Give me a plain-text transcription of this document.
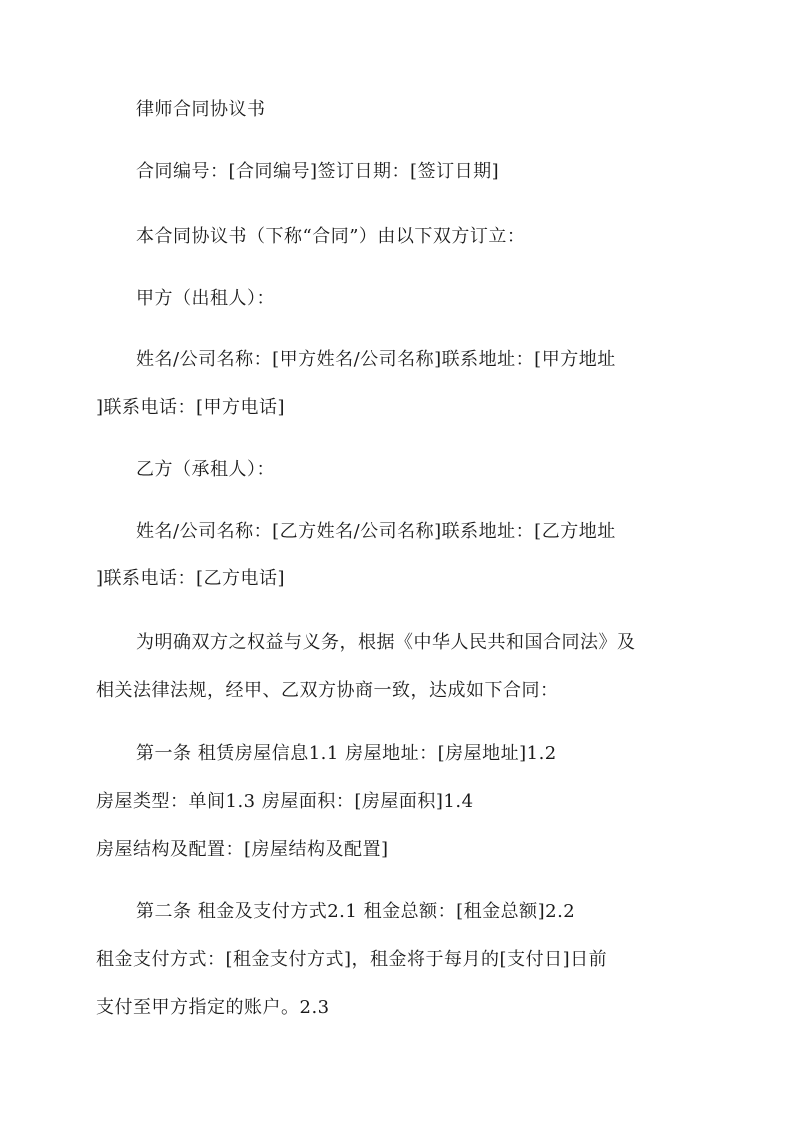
律师合同协议书
合同编号：[合同编号]签订日期：[签订日期]
本合同协议书（下称“合同”）由以下双方订立：
甲方（出租人）：
姓名/公司名称：[甲方姓名/公司名称]联系地址：[甲方地址
]联系电话：[甲方电话]
乙方（承租人）：
姓名/公司名称：[乙方姓名/公司名称]联系地址：[乙方地址
]联系电话：[乙方电话]
为明确双方之权益与义务，根据《中华人民共和国合同法》及
相关法律法规，经甲、乙双方协商一致，达成如下合同：
第一条 租赁房屋信息1.1 房屋地址：[房屋地址]1.2
房屋类型：单间1.3 房屋面积：[房屋面积]1.4
房屋结构及配置：[房屋结构及配置]
第二条 租金及支付方式2.1 租金总额：[租金总额]2.2
租金支付方式：[租金支付方式]，租金将于每月的[支付日]日前
支付至甲方指定的账户。2.3
